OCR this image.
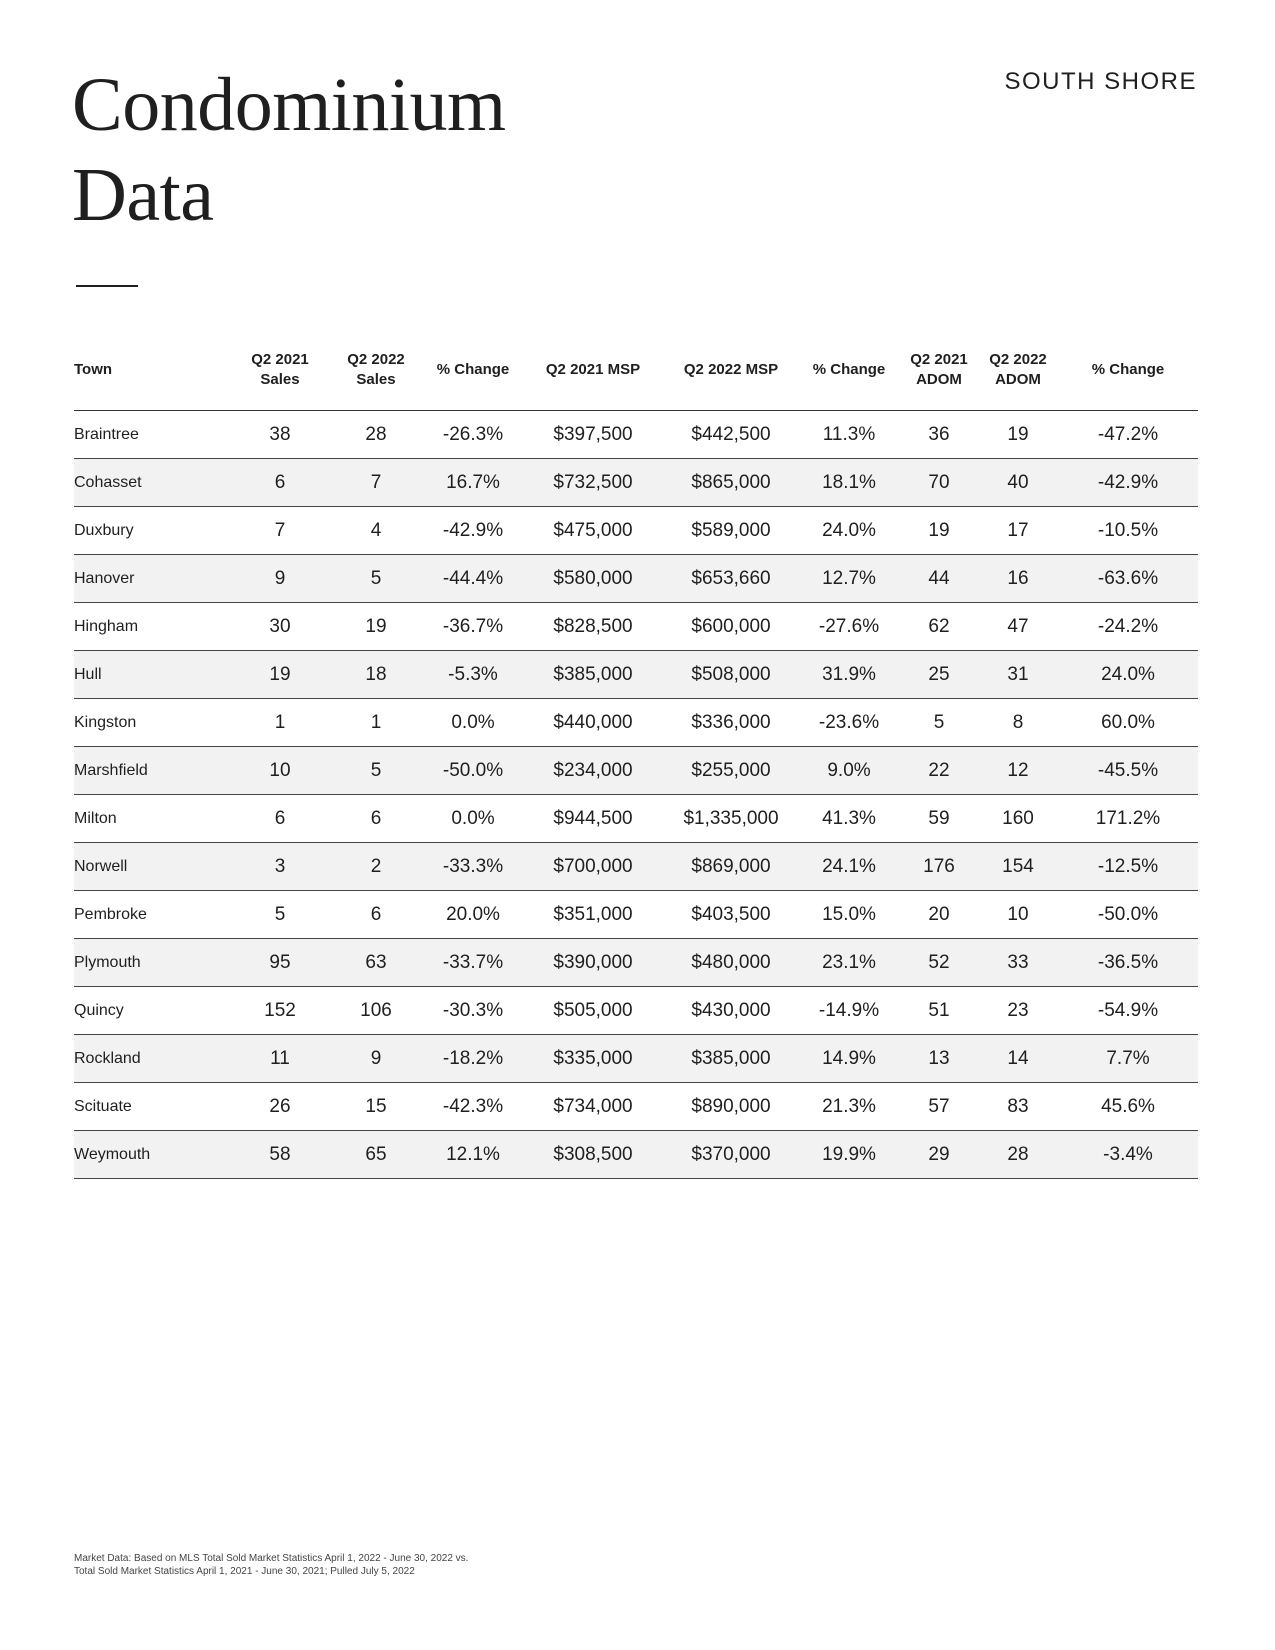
Condominium
Data
SOUTH SHORE
Town	Q2 2021 Sales	Q2 2022 Sales	% Change	Q2 2021 MSP	Q2 2022 MSP	% Change	Q2 2021 ADOM	Q2 2022 ADOM	% Change
Braintree	38	28	-26.3%	$397,500	$442,500	11.3%	36	19	-47.2%
Cohasset	6	7	16.7%	$732,500	$865,000	18.1%	70	40	-42.9%
Duxbury	7	4	-42.9%	$475,000	$589,000	24.0%	19	17	-10.5%
Hanover	9	5	-44.4%	$580,000	$653,660	12.7%	44	16	-63.6%
Hingham	30	19	-36.7%	$828,500	$600,000	-27.6%	62	47	-24.2%
Hull	19	18	-5.3%	$385,000	$508,000	31.9%	25	31	24.0%
Kingston	1	1	0.0%	$440,000	$336,000	-23.6%	5	8	60.0%
Marshfield	10	5	-50.0%	$234,000	$255,000	9.0%	22	12	-45.5%
Milton	6	6	0.0%	$944,500	$1,335,000	41.3%	59	160	171.2%
Norwell	3	2	-33.3%	$700,000	$869,000	24.1%	176	154	-12.5%
Pembroke	5	6	20.0%	$351,000	$403,500	15.0%	20	10	-50.0%
Plymouth	95	63	-33.7%	$390,000	$480,000	23.1%	52	33	-36.5%
Quincy	152	106	-30.3%	$505,000	$430,000	-14.9%	51	23	-54.9%
Rockland	11	9	-18.2%	$335,000	$385,000	14.9%	13	14	7.7%
Scituate	26	15	-42.3%	$734,000	$890,000	21.3%	57	83	45.6%
Weymouth	58	65	12.1%	$308,500	$370,000	19.9%	29	28	-3.4%
Market Data: Based on MLS Total Sold Market Statistics April 1, 2022 - June 30, 2022 vs.
Total Sold Market Statistics April 1, 2021 - June 30, 2021; Pulled July 5, 2022
